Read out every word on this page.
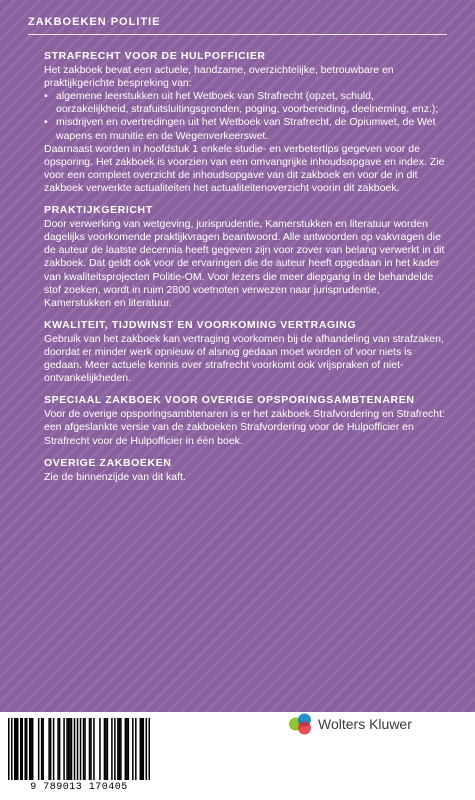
ZAKBOEKEN POLITIE
STRAFRECHT VOOR DE HULPOFFICIER

Het zakboek bevat een actuele, handzame, overzichtelijke, betrouwbare en praktijkgerichte bespreking van:

• algemene leerstukken uit het Wetboek van Strafrecht (opzet, schuld, oorzakelijkheid, strafuitsluitingsgronden, poging, voorbereiding, deelneming, enz.);
• misdrijven en overtredingen uit het Wetboek van Strafrecht, de Opiumwet, de Wet wapens en munitie en de Wegenverkeerswet.

Daarnaast worden in hoofdstuk 1 enkele studie- en verbetertips gegeven voor de opsporing. Het zakboek is voorzien van een omvangrijke inhoudsopgave en index. Zie voor een compleet overzicht de inhoudsopgave van dit zakboek en voor de in dit zakboek verwerkte actualiteiten het actualiteitenoverzicht voorin dit zakboek.

PRAKTIJKGERICHT

Door verwerking van wetgeving, jurisprudentie, Kamerstukken en literatuur worden dagelijks voorkomende praktijkvragen beantwoord. Alle antwoorden op vakvragen die de auteur de laatste decennia heeft gegeven zijn voor zover van belang verwerkt in dit zakboek. Dat geldt ook voor de ervaringen die de auteur heeft opgedaan in het kader van kwaliteitsprojecten Politie-OM. Voor lezers die meer diepgang in de behandelde stof zoeken, wordt in ruim 2800 voetnoten verwezen naar jurisprudentie, Kamerstukken en literatuur.

KWALITEIT, TIJDWINST EN VOORKOMING VERTRAGING

Gebruik van het zakboek kan vertraging voorkomen bij de afhandeling van strafzaken, doordat er minder werk opnieuw of alsnog gedaan moet worden of voor niets is gedaan. Meer actuele kennis over strafrecht voorkomt ook vrijspraken of niet-ontvankelijkheden.

SPECIAAL ZAKBOEK VOOR OVERIGE OPSPORINGSAMBTENAREN

Voor de overige opsporingsambtenaren is er het zakboek Strafvordering en Strafrecht: een afgeslankte versie van de zakboeken Strafvordering voor de Hulpofficier en Strafrecht voor de Hulpofficier in één boek.

OVERIGE ZAKBOEKEN

Zie de binnenzijde van dit kaft.

9 789013 170405
Wolters Kluwer
